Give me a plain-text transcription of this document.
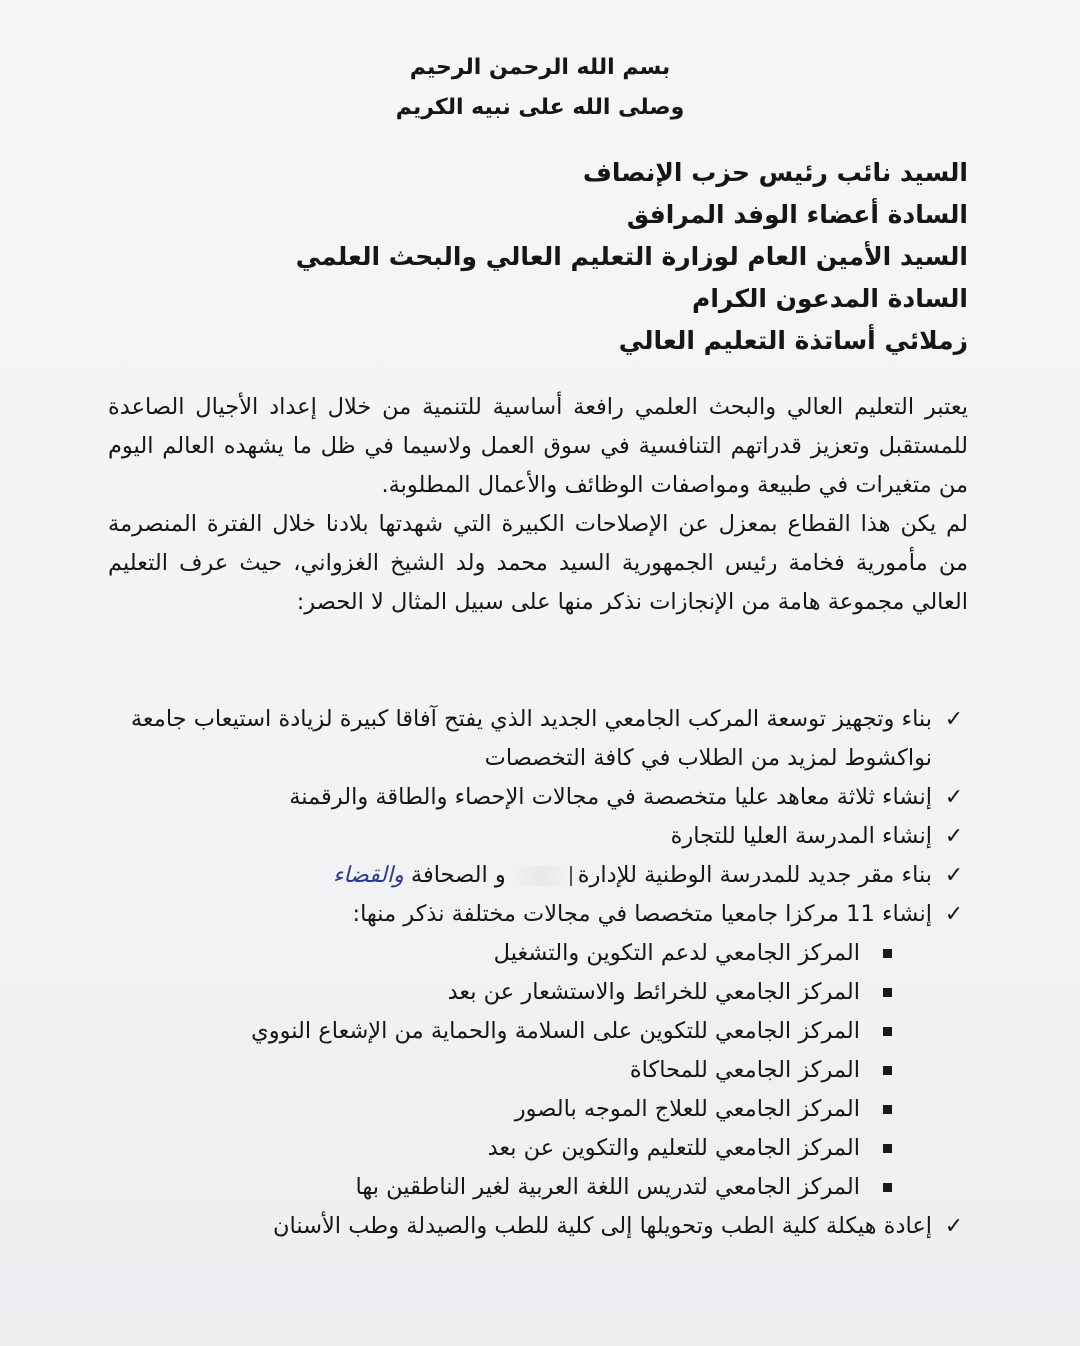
بسم الله الرحمن الرحيم
وصلى الله على نبيه الكريم
السيد نائب رئيس حزب الإنصاف
السادة أعضاء الوفد المرافق
السيد الأمين العام لوزارة التعليم العالي والبحث العلمي
السادة المدعون الكرام
زملائي أساتذة التعليم العالي

يعتبر التعليم العالي والبحث العلمي رافعة أساسية للتنمية من خلال إعداد الأجيال الصاعدة للمستقبل وتعزيز قدراتهم التنافسية في سوق العمل ولاسيما في ظل ما يشهده العالم اليوم من متغيرات في طبيعة ومواصفات الوظائف والأعمال المطلوبة.

لم يكن هذا القطاع بمعزل عن الإصلاحات الكبيرة التي شهدتها بلادنا خلال الفترة المنصرمة من مأمورية فخامة رئيس الجمهورية السيد محمد ولد الشيخ الغزواني، حيث عرف التعليم العالي مجموعة هامة من الإنجازات نذكر منها على سبيل المثال لا الحصر:

✓
بناء وتجهيز توسعة المركب الجامعي الجديد الذي يفتح آفاقا كبيرة لزيادة استيعاب جامعة نواكشوط لمزيد من الطلاب في كافة التخصصات
✓
إنشاء ثلاثة معاهد عليا متخصصة في مجالات الإحصاء والطاقة والرقمنة
✓
إنشاء المدرسة العليا للتجارة
✓
بناء مقر جديد للمدرسة الوطنية للإدارةو الصحافة والقضاء
✓
إنشاء 11 مركزا جامعيا متخصصا في مجالات مختلفة نذكر منها:
المركز الجامعي لدعم التكوين والتشغيل
المركز الجامعي للخرائط والاستشعار عن بعد
المركز الجامعي للتكوين على السلامة والحماية من الإشعاع النووي
المركز الجامعي للمحاكاة
المركز الجامعي للعلاج الموجه بالصور
المركز الجامعي للتعليم والتكوين عن بعد
المركز الجامعي لتدريس اللغة العربية لغير الناطقين بها
✓
إعادة هيكلة كلية الطب وتحويلها إلى كلية للطب والصيدلة وطب الأسنان
